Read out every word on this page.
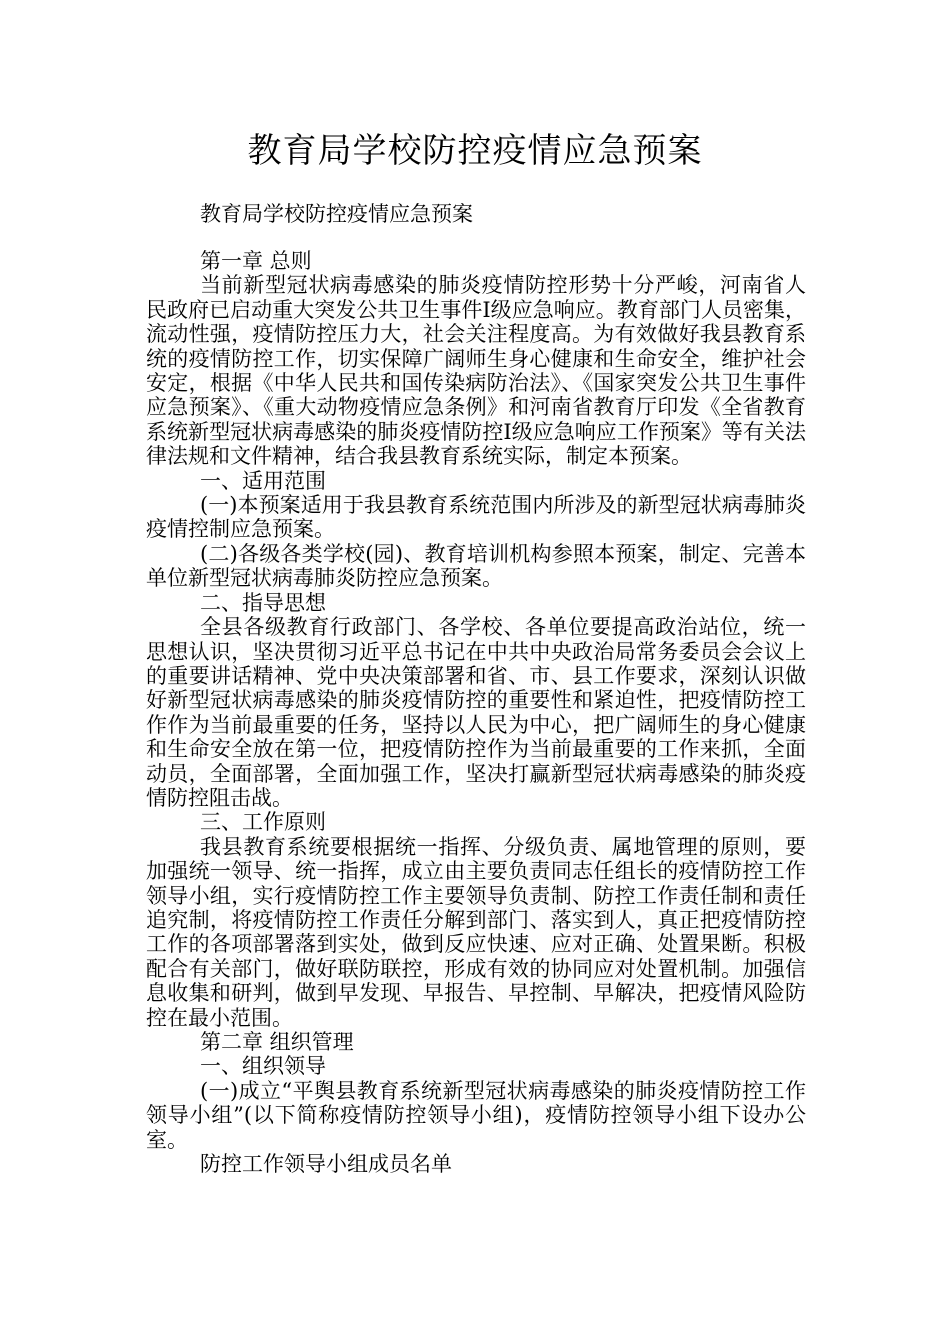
教育局学校防控疫情应急预案
教育局学校防控疫情应急预案

第一章 总则

当前新型冠状病毒感染的肺炎疫情防控形势十分严峻，河南省人民政府已启动重大突发公共卫生事件Ⅰ级应急响应。教育部门人员密集，流动性强，疫情防控压力大，社会关注程度高。为有效做好我县教育系统的疫情防控工作，切实保障广阔师生身心健康和生命安全，维护社会安定，根据《中华人民共和国传染病防治法》、《国家突发公共卫生事件应急预案》、《重大动物疫情应急条例》和河南省教育厅印发《全省教育系统新型冠状病毒感染的肺炎疫情防控Ⅰ级应急响应工作预案》等有关法律法规和文件精神，结合我县教育系统实际，制定本预案。

一、适用范围

(一)本预案适用于我县教育系统范围内所涉及的新型冠状病毒肺炎疫情控制应急预案。

(二)各级各类学校(园)、教育培训机构参照本预案，制定、完善本单位新型冠状病毒肺炎防控应急预案。

二、指导思想

全县各级教育行政部门、各学校、各单位要提高政治站位，统一思想认识，坚决贯彻习近平总书记在中共中央政治局常务委员会会议上的重要讲话精神、党中央决策部署和省、市、县工作要求，深刻认识做好新型冠状病毒感染的肺炎疫情防控的重要性和紧迫性，把疫情防控工作作为当前最重要的任务，坚持以人民为中心，把广阔师生的身心健康和生命安全放在第一位，把疫情防控作为当前最重要的工作来抓，全面动员，全面部署，全面加强工作，坚决打赢新型冠状病毒感染的肺炎疫情防控阻击战。

三、工作原则

我县教育系统要根据统一指挥、分级负责、属地管理的原则，要加强统一领导、统一指挥，成立由主要负责同志任组长的疫情防控工作领导小组，实行疫情防控工作主要领导负责制、防控工作责任制和责任追究制，将疫情防控工作责任分解到部门、落实到人，真正把疫情防控工作的各项部署落到实处，做到反应快速、应对正确、处置果断。积极配合有关部门，做好联防联控，形成有效的协同应对处置机制。加强信息收集和研判，做到早发现、早报告、早控制、早解决，把疫情风险防控在最小范围。

第二章 组织管理

一、组织领导

(一)成立“平舆县教育系统新型冠状病毒感染的肺炎疫情防控工作领导小组”(以下简称疫情防控领导小组)，疫情防控领导小组下设办公室。

防控工作领导小组成员名单
